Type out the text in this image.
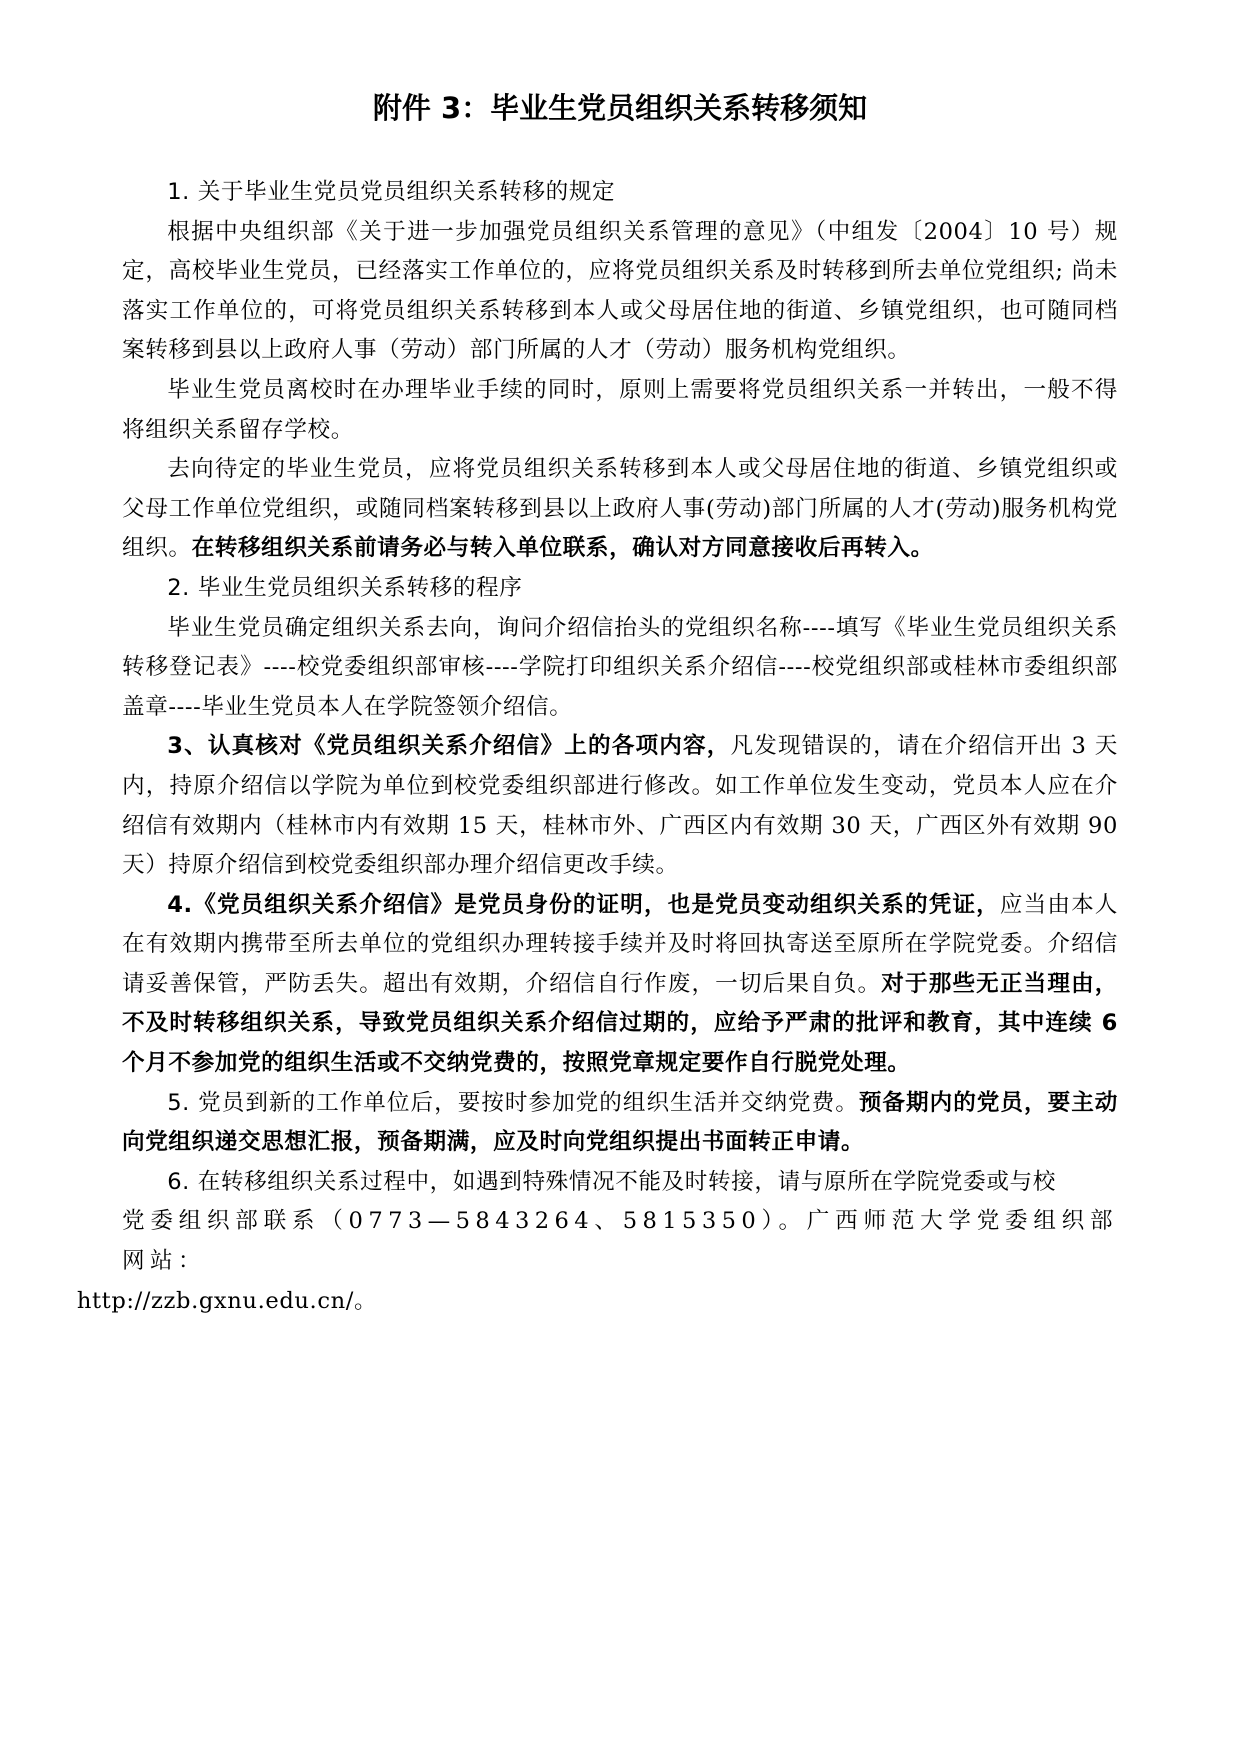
附件 3：毕业生党员组织关系转移须知

1. 关于毕业生党员党员组织关系转移的规定

根据中央组织部《关于进一步加强党员组织关系管理的意见》（中组发〔2004〕10 号）规定，高校毕业生党员，已经落实工作单位的，应将党员组织关系及时转移到所去单位党组织; 尚未落实工作单位的，可将党员组织关系转移到本人或父母居住地的街道、乡镇党组织，也可随同档案转移到县以上政府人事（劳动）部门所属的人才（劳动）服务机构党组织。

毕业生党员离校时在办理毕业手续的同时，原则上需要将党员组织关系一并转出，一般不得将组织关系留存学校。

去向待定的毕业生党员，应将党员组织关系转移到本人或父母居住地的街道、乡镇党组织或父母工作单位党组织，或随同档案转移到县以上政府人事(劳动)部门所属的人才(劳动)服务机构党组织。在转移组织关系前请务必与转入单位联系，确认对方同意接收后再转入。

2. 毕业生党员组织关系转移的程序

毕业生党员确定组织关系去向，询问介绍信抬头的党组织名称----填写《毕业生党员组织关系转移登记表》----校党委组织部审核----学院打印组织关系介绍信----校党组织部或桂林市委组织部盖章----毕业生党员本人在学院签领介绍信。

3、认真核对《党员组织关系介绍信》上的各项内容，凡发现错误的，请在介绍信开出 3 天内，持原介绍信以学院为单位到校党委组织部进行修改。如工作单位发生变动，党员本人应在介绍信有效期内（桂林市内有效期 15 天，桂林市外、广西区内有效期 30 天，广西区外有效期 90 天）持原介绍信到校党委组织部办理介绍信更改手续。

4.《党员组织关系介绍信》是党员身份的证明，也是党员变动组织关系的凭证，应当由本人在有效期内携带至所去单位的党组织办理转接手续并及时将回执寄送至原所在学院党委。介绍信请妥善保管，严防丢失。超出有效期，介绍信自行作废，一切后果自负。对于那些无正当理由，不及时转移组织关系，导致党员组织关系介绍信过期的，应给予严肃的批评和教育，其中连续 6 个月不参加党的组织生活或不交纳党费的，按照党章规定要作自行脱党处理。

5. 党员到新的工作单位后，要按时参加党的组织生活并交纳党费。预备期内的党员，要主动向党组织递交思想汇报，预备期满，应及时向党组织提出书面转正申请。

6. 在转移组织关系过程中，如遇到特殊情况不能及时转接，请与原所在学院党委或与校
党委组织部联系（0773—5843264、5815350）。广西师范大学党委组织部网站：
http://zzb.gxnu.edu.cn/。
